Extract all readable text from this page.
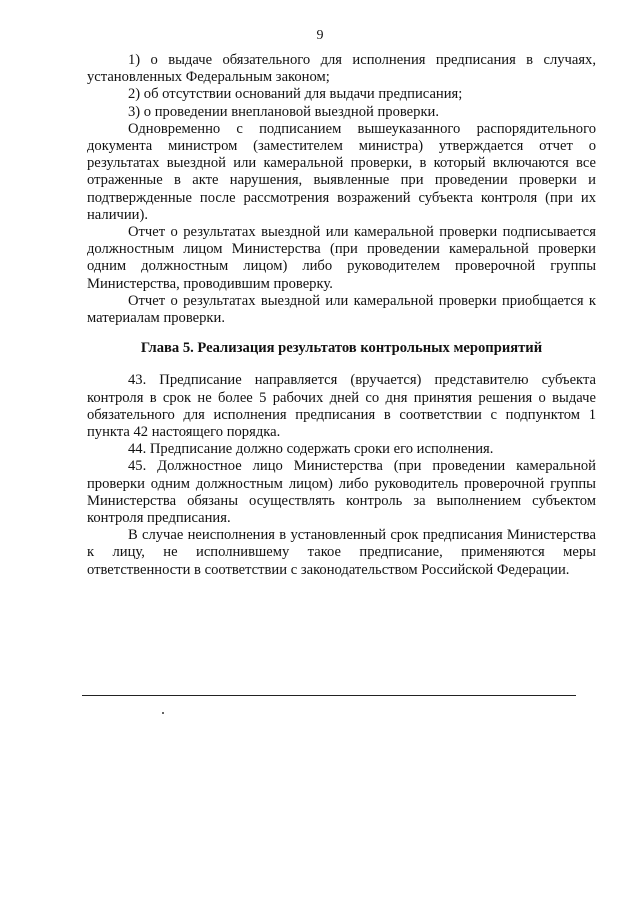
9

1) о выдаче обязательного для исполнения предписания в случаях, установленных Федеральным законом;

2) об отсутствии оснований для выдачи предписания;

3) о проведении внеплановой выездной проверки.

Одновременно с подписанием вышеуказанного распорядительного документа министром (заместителем министра) утверждается отчет о результатах выездной или камеральной проверки, в который включаются все отраженные в акте нарушения, выявленные при проведении проверки и подтвержденные после рассмотрения возражений субъекта контроля (при их наличии).

Отчет о результатах выездной или камеральной проверки подписывается должностным лицом Министерства (при проведении камеральной проверки одним должностным лицом) либо руководителем проверочной группы Министерства, проводившим проверку.

Отчет о результатах выездной или камеральной проверки приобщается к материалам проверки.

Глава 5. Реализация результатов контрольных мероприятий

43. Предписание направляется (вручается) представителю субъекта контроля в срок не более 5 рабочих дней со дня принятия решения о выдаче обязательного для исполнения предписания в соответствии с подпунктом 1 пункта 42 настоящего порядка.

44. Предписание должно содержать сроки его исполнения.

45. Должностное лицо Министерства (при проведении камеральной проверки одним должностным лицом) либо руководитель проверочной группы Министерства обязаны осуществлять контроль за выполнением субъектом контроля предписания.

В случае неисполнения в установленный срок предписания Министерства к лицу, не исполнившему такое предписание, применяются меры ответственности в соответствии с законодательством Российской Федерации.
